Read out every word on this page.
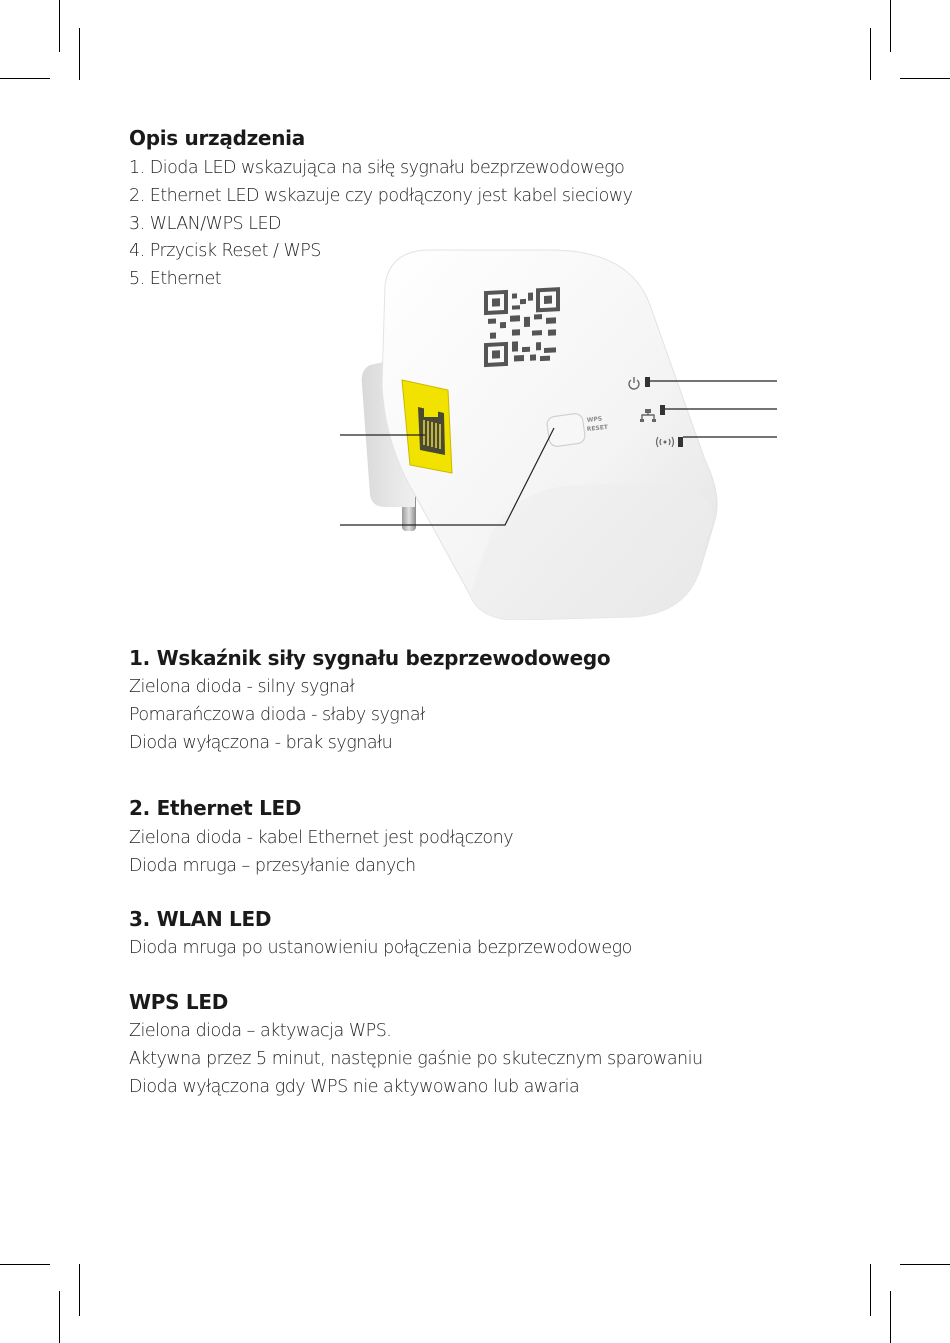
Opis urządzenia

1. Dioda LED wskazująca na siłę sygnału bezprzewodowego

2. Ethernet LED wskazuje czy podłączony jest kabel sieciowy

3. WLAN/WPS LED

4. Przycisk Reset / WPS

5. Ethernet

WPS
RESET
1. Wskaźnik siły sygnału bezprzewodowego

Zielona dioda - silny sygnał

Pomarańczowa dioda - słaby sygnał

Dioda wyłączona - brak sygnału

2. Ethernet LED

Zielona dioda - kabel Ethernet jest podłączony

Dioda mruga – przesyłanie danych

3. WLAN LED

Dioda mruga po ustanowieniu połączenia bezprzewodowego

WPS LED

Zielona dioda – aktywacja WPS.

Aktywna przez 5 minut, następnie gaśnie po skutecznym sparowaniu

Dioda wyłączona gdy WPS nie aktywowano lub awaria
